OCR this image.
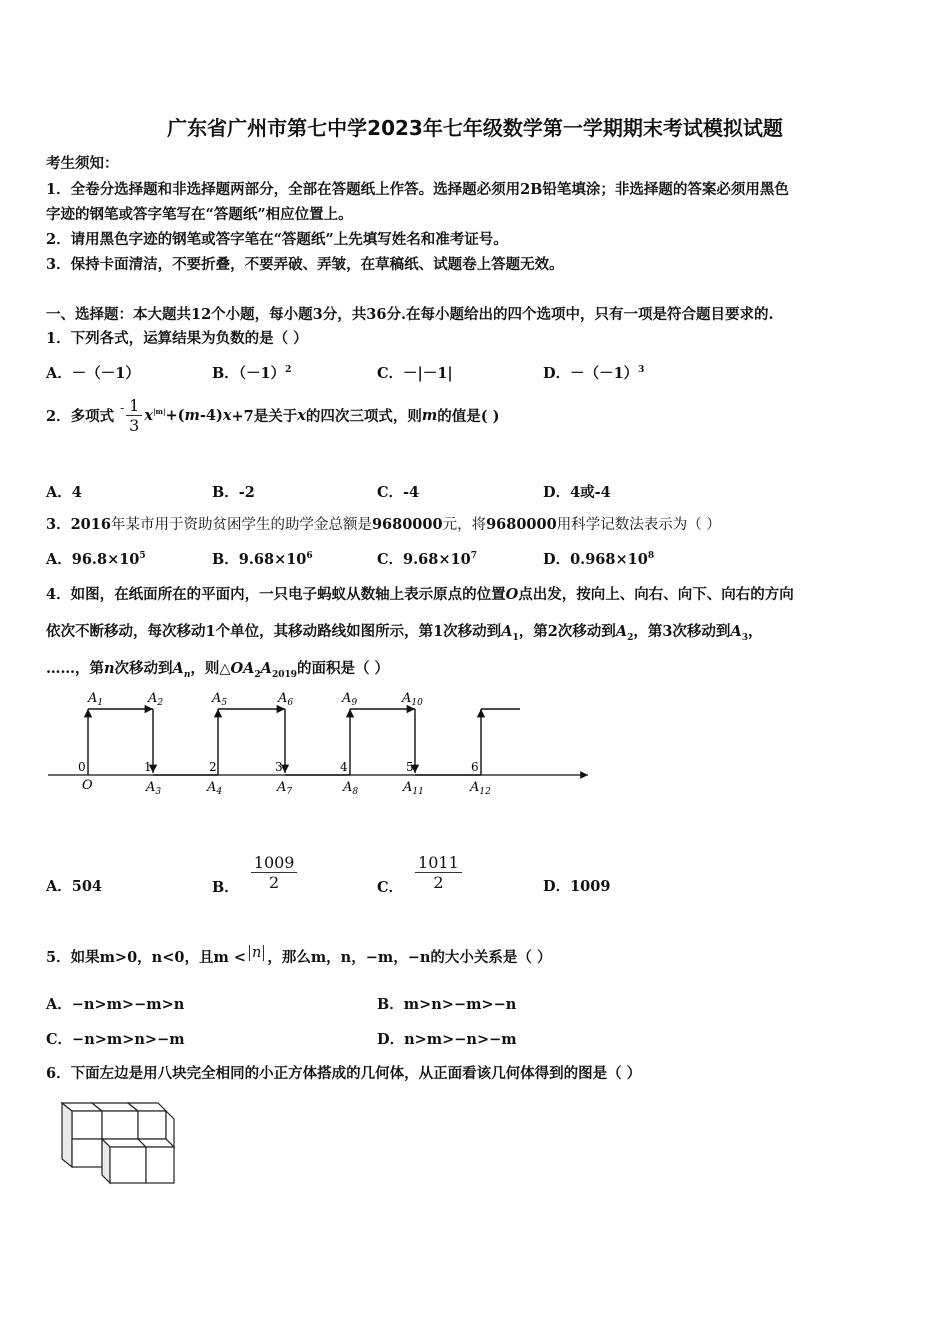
广东省广州市第七中学2023年七年级数学第一学期期末考试模拟试题
考生须知：
1．全卷分选择题和非选择题两部分，全部在答题纸上作答。选择题必须用2B铅笔填涂；非选择题的答案必须用黑色
字迹的钢笔或答字笔写在“答题纸”相应位置上。
2．请用黑色字迹的钢笔或答字笔在“答题纸”上先填写姓名和准考证号。
3．保持卡面清洁，不要折叠，不要弄破、弄皱，在草稿纸、试题卷上答题无效。
一、选择题：本大题共12个小题，每小题3分，共36分.在每小题给出的四个选项中，只有一项是符合题目要求的.
1．下列各式，运算结果为负数的是（ ）
A．－（－1）	B．$(-1)^2$	C．－|－1|	D．$-(-1)^3$
2．多项式
- $\frac{1}{3} x^{|m|}$ +( m -4) x +7是关于 x 的四次三项式，则 m 的值是( )
A．4	B．-2	C．-4	D．4或-4
3．2016年某市用于资助贫困学生的助学金总额是9680000元，将9680000用科学记数法表示为（ ）
A．$96.8\times 10^5$	B．$9.68\times 10^6$	C．$9.68\times 10^7$	D．$0.968\times 10^8$
4．如图，在纸面所在的平面内，一只电子蚂蚁从数轴上表示原点的位置O点出发，按向上、向右、向下、向右的方向
依次不断移动，每次移动1个单位，其移动路线如图所示，第1次移动到$A_1$，第2次移动到$A_2$，第3次移动到$A_3$，
……，第n次移动到$A_n$，则$\triangle OA_2A_{2019}$的面积是（ ）
$A_1$	$A_2$	$A_5$	$A_6$	$A_9$	$A_{10}$
0	1	2	3	4	5	6
O	$A_3$	$A_4$	$A_7$	$A_8$	$A_{11}$	$A_{12}$
A．504	B． $\frac{1009}{2}$	C． $\frac{1011}{2}$	D．1009
5．如果m>0，n<0，且m < n ，那么m，n，−m，−n的大小关系是（ ）
A．−n>m>−m>n	B．m>n>−m>−n
C．−n>m>n>−m	D．n>m>−n>−m
6．下面左边是用八块完全相同的小正方体搭成的几何体，从正面看该几何体得到的图是（ ）
